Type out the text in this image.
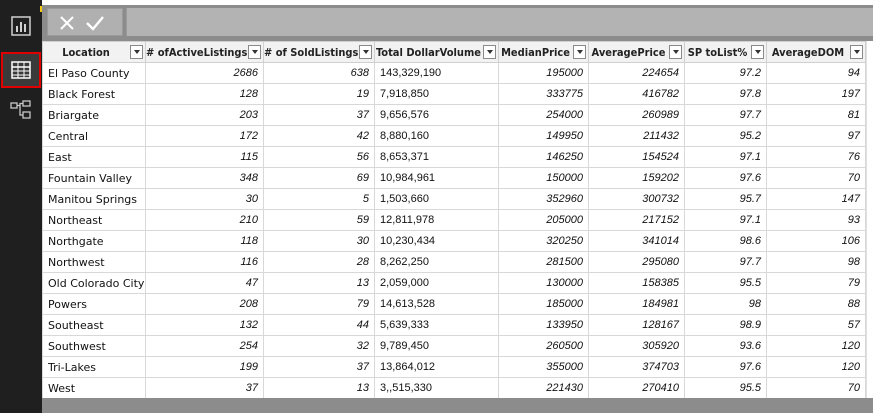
Location	# ofActiveListings	# of SoldListings	Total DollarVolume	MedianPrice	AveragePrice	SP toList%	AverageDOM

El Paso County	2686	638	143,329,190	195000	224654	97.2	94
Black Forest	128	19	7,918,850	333775	416782	97.8	197
Briargate	203	37	9,656,576	254000	260989	97.7	81
Central	172	42	8,880,160	149950	211432	95.2	97
East	115	56	8,653,371	146250	154524	97.1	76
Fountain Valley	348	69	10,984,961	150000	159202	97.6	70
Manitou Springs	30	5	1,503,660	352960	300732	95.7	147
Northeast	210	59	12,811,978	205000	217152	97.1	93
Northgate	118	30	10,230,434	320250	341014	98.6	106
Northwest	116	28	8,262,250	281500	295080	97.7	98
Old Colorado City	47	13	2,059,000	130000	158385	95.5	79
Powers	208	79	14,613,528	185000	184981	98	88
Southeast	132	44	5,639,333	133950	128167	98.9	57
Southwest	254	32	9,789,450	260500	305920	93.6	120
Tri-Lakes	199	37	13,864,012	355000	374703	97.6	120
West	37	13	3,,515,330	221430	270410	95.5	70
